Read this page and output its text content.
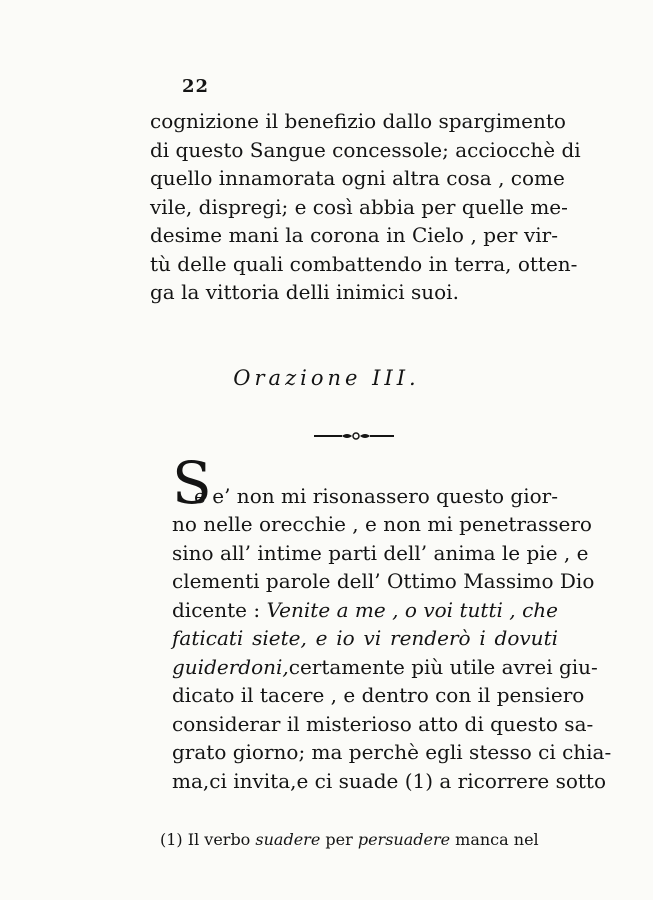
22
cognizione il benefizio dallo spargimento
di questo Sangue concessole; acciocchè di
quello innamorata ogni altra cosa , come
vile, dispregi; e così abbia per quelle me-
desime mani la corona in Cielo , per vir-
tù delle quali combattendo in terra, otten-
ga la vittoria delli inimici suoi.
Orazione III.
S
e e’ non mi risonassero questo gior-
no nelle orecchie , e non mi penetrassero
sino all’ intime parti dell’ anima le pie , e
clementi parole dell’ Ottimo Massimo Dio
dicente : Venite a me , o voi tutti , che
faticati siete, e io vi renderò i dovuti
guiderdoni,certamente più utile avrei giu-
dicato il tacere , e dentro con il pensiero
considerar il misterioso atto di questo sa-
grato giorno; ma perchè egli stesso ci chia-
ma,ci invita,e ci suade (1) a ricorrere sotto
(1) Il verbo suadere per persuadere manca nel
